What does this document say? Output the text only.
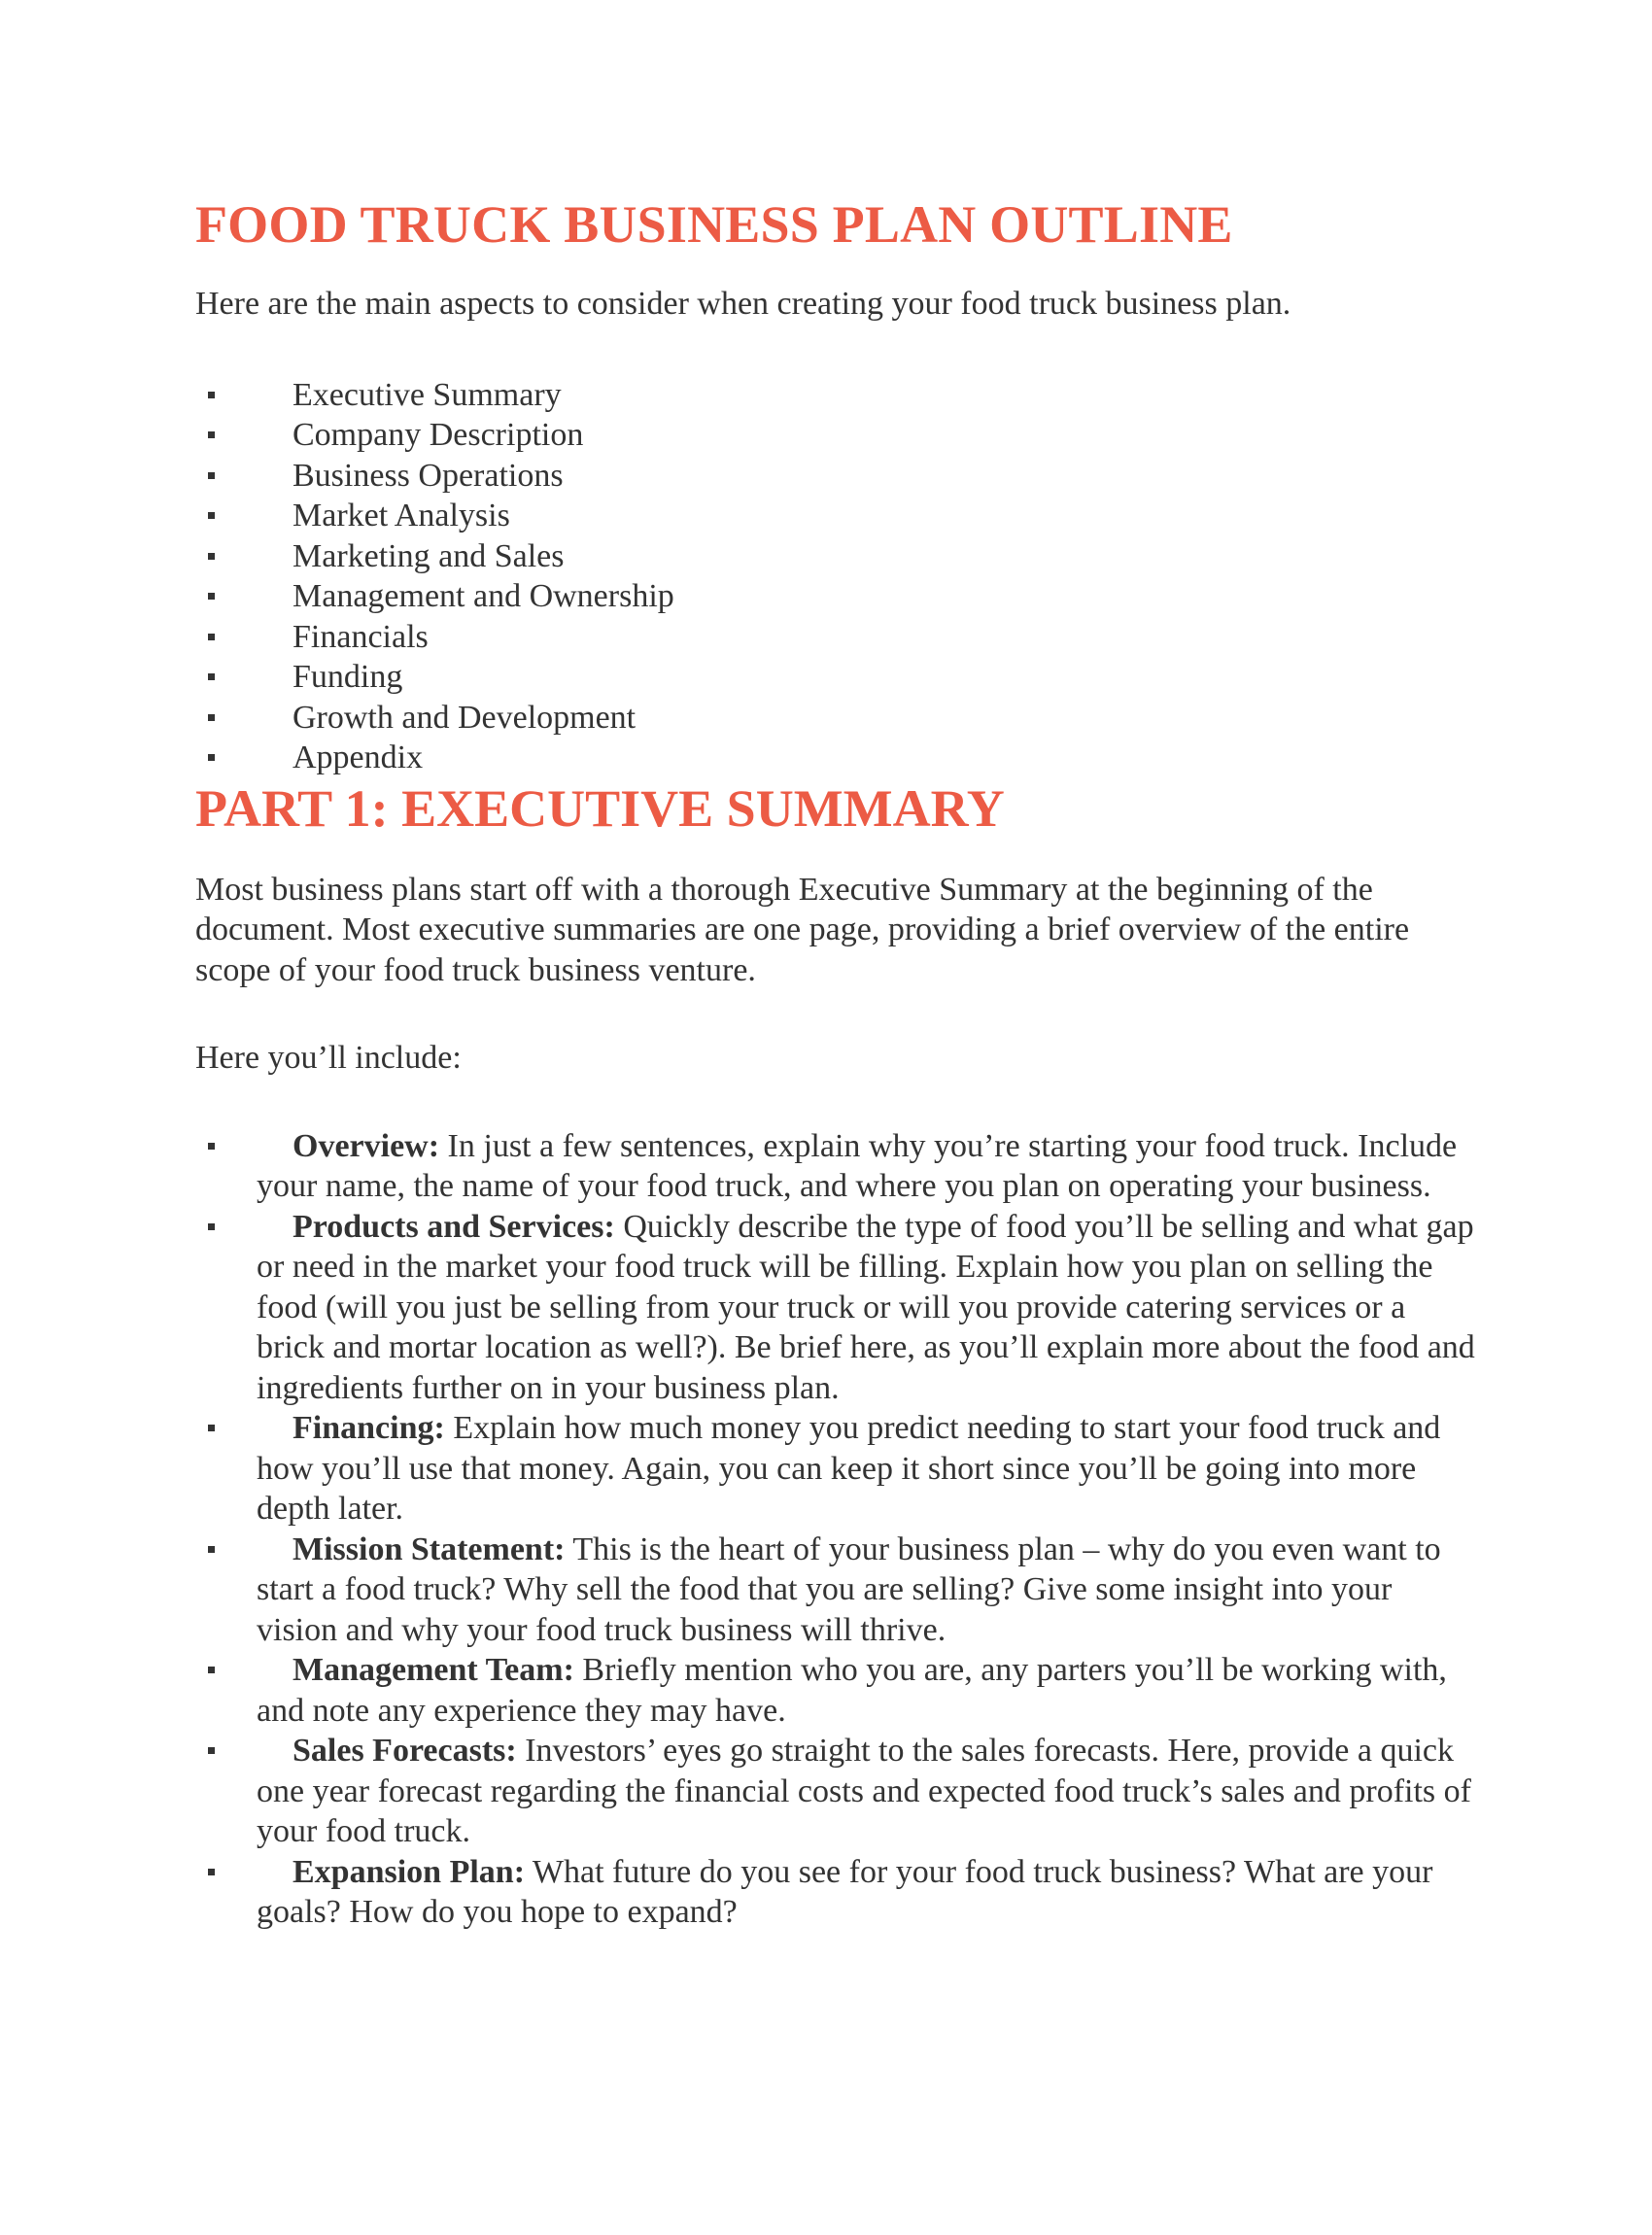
FOOD TRUCK BUSINESS PLAN OUTLINE

Here are the main aspects to consider when creating your food truck business plan.

Executive Summary
Company Description
Business Operations
Market Analysis
Marketing and Sales
Management and Ownership
Financials
Funding
Growth and Development
Appendix
PART 1: EXECUTIVE SUMMARY

Most business plans start off with a thorough Executive Summary at the beginning of the document. Most executive summaries are one page, providing a brief overview of the entire scope of your food truck business venture.

Here you’ll include:

Overview: In just a few sentences, explain why you’re starting your food truck. Include your name, the name of your food truck, and where you plan on operating your business.
Products and Services: Quickly describe the type of food you’ll be selling and what gap or need in the market your food truck will be filling. Explain how you plan on selling the food (will you just be selling from your truck or will you provide catering services or a brick and mortar location as well?). Be brief here, as you’ll explain more about the food and ingredients further on in your business plan.
Financing: Explain how much money you predict needing to start your food truck and how you’ll use that money. Again, you can keep it short since you’ll be going into more depth later.
Mission Statement: This is the heart of your business plan – why do you even want to start a food truck? Why sell the food that you are selling? Give some insight into your vision and why your food truck business will thrive.
Management Team: Briefly mention who you are, any parters you’ll be working with, and note any experience they may have.
Sales Forecasts: Investors’ eyes go straight to the sales forecasts. Here, provide a quick one year forecast regarding the financial costs and expected food truck’s sales and profits of your food truck.
Expansion Plan: What future do you see for your food truck business? What are your goals? How do you hope to expand?
